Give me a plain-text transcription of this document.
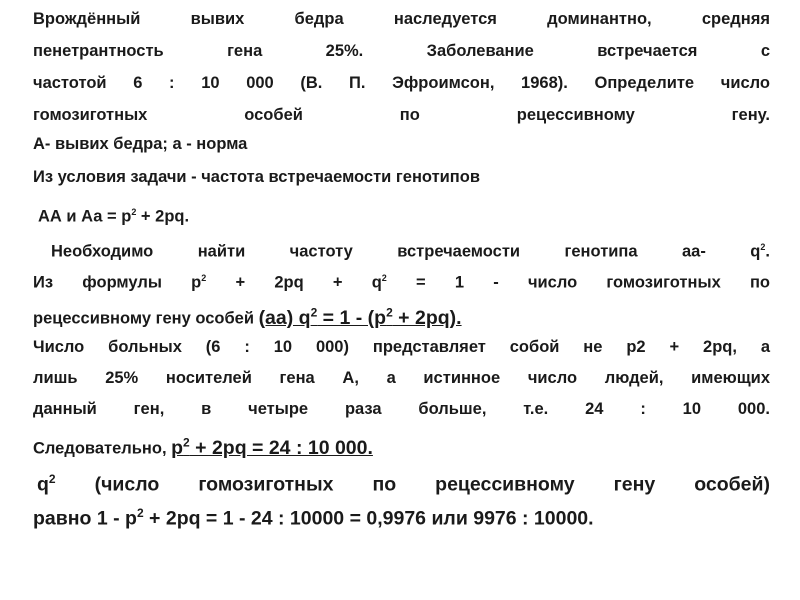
Врождённый вывих бедра наследуется доминантно, средняя
пенетрантность гена 25%. Заболевание встречается с
частотой 6 : 10 000 (В. П. Эфроимсон, 1968). Определите число
гомозиготных особей по рецессивному гену.
А- вывих бедра; а - норма
Из условия задачи - частота встречаемости генотипов
АА и Аа = $р^2 + 2pq$.
Необходимо найти частоту встречаемости генотипа аа- $q^2$.
Из формулы $p^2 + 2pq + q^2 = 1$ - число гомозиготных по
рецессивному гену особей (аа) $q^2 = 1 - (p^2 + 2pq)$.
Число больных (6 : 10 000) представляет собой не p2 + 2pq, а
лишь 25% носителей гена А, а истинное число людей, имеющих
данный ген, в четыре раза больше, т.е. 24 : 10 000.
Следовательно, $p^2 + 2pq = 24$ : 10 000.
$q^2$ (число гомозиготных по рецессивному гену особей)
равно $1 - p^2 + 2pq = 1 - 24$ : 10000 = 0,9976 или 9976 : 10000.
